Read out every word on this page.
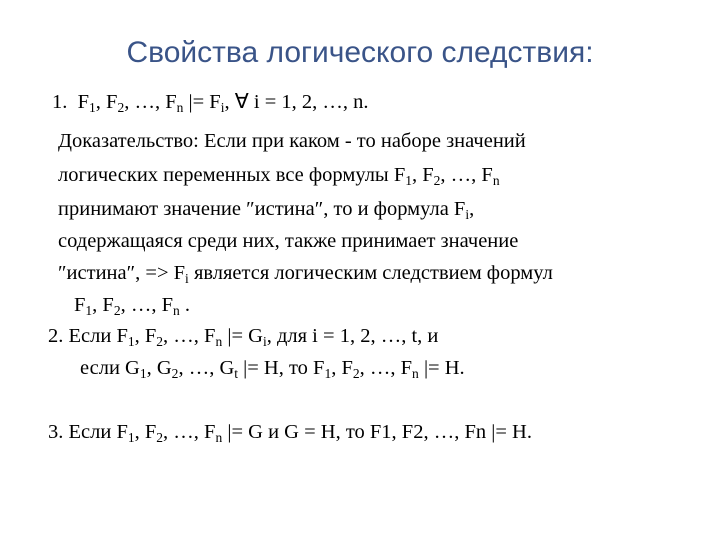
Свойства логического следствия:
1. $F_1$, $F_2$, …, $F_n$ |= $F_i$, ∀ i = 1, 2, …, n.
Доказательство: Если при каком - то наборе значений
логических переменных все формулы $F_1$, $F_2$, …, $F_n$
принимают значение ″истина″, то и формула $F_i$,
содержащаяся среди них, также принимает значение
″истина″, => $F_i$ является логическим следствием формул
$F_1$, $F_2$, …, $F_n$ .
2. Если $F_1$, $F_2$, …, $F_n$ |= $G_i$, для i = 1, 2, …, t, и
если $G_1$, $G_2$, …, $G_t$ |= H, то $F_1$, $F_2$, …, $F_n$ |= H.
3. Если $F_1$, $F_2$, …, $F_n$ |= G и G = H, то F1, F2, …, Fn |= H.
